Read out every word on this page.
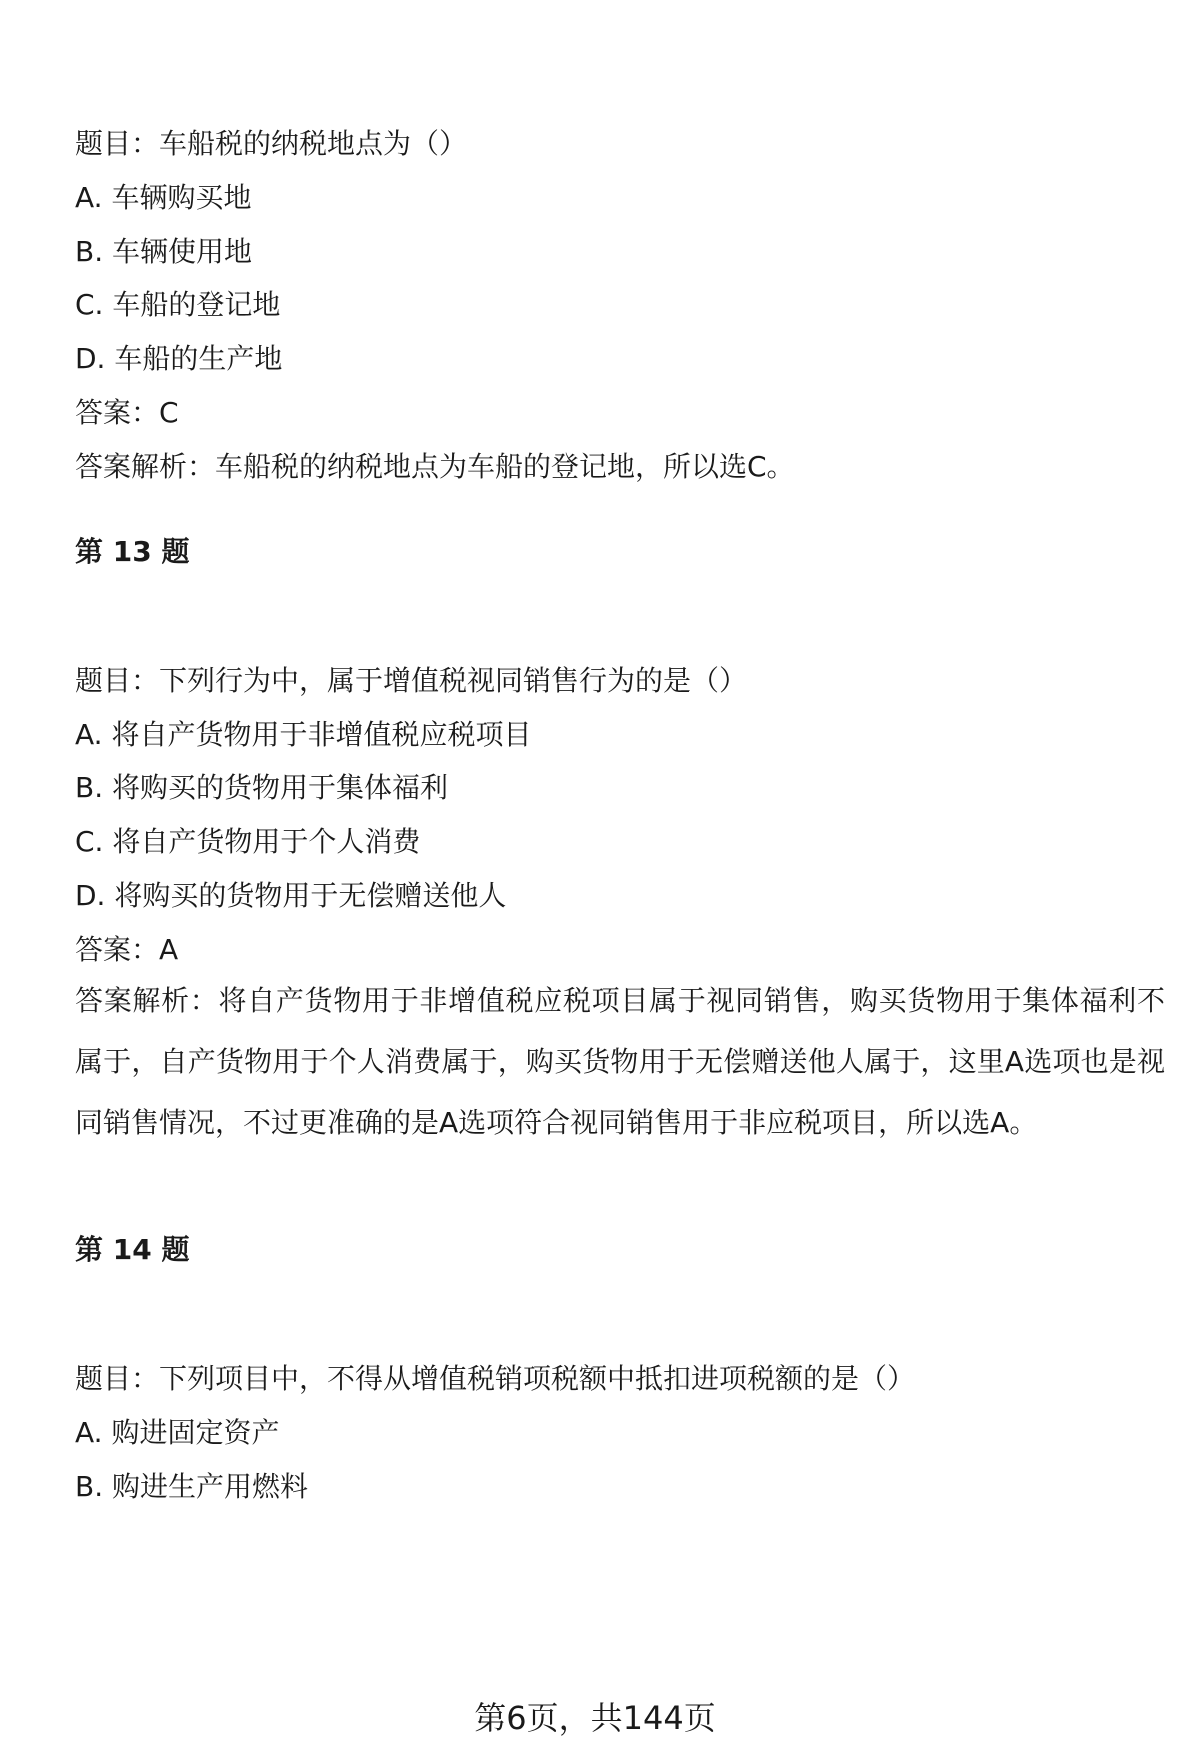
题目：车船税的纳税地点为（）
A. 车辆购买地
B. 车辆使用地
C. 车船的登记地
D. 车船的生产地
答案：C
答案解析：车船税的纳税地点为车船的登记地，所以选C。
第 13 题
题目：下列行为中，属于增值税视同销售行为的是（）
A. 将自产货物用于非增值税应税项目
B. 将购买的货物用于集体福利
C. 将自产货物用于个人消费
D. 将购买的货物用于无偿赠送他人
答案：A
答案解析：将自产货物用于非增值税应税项目属于视同销售，购买货物用于集体福利不属于，自产货物用于个人消费属于，购买货物用于无偿赠送他人属于，这里A选项也是视同销售情况，不过更准确的是A选项符合视同销售用于非应税项目，所以选A。
第 14 题
题目：下列项目中，不得从增值税销项税额中抵扣进项税额的是（）
A. 购进固定资产
B. 购进生产用燃料
第6页，共144页
